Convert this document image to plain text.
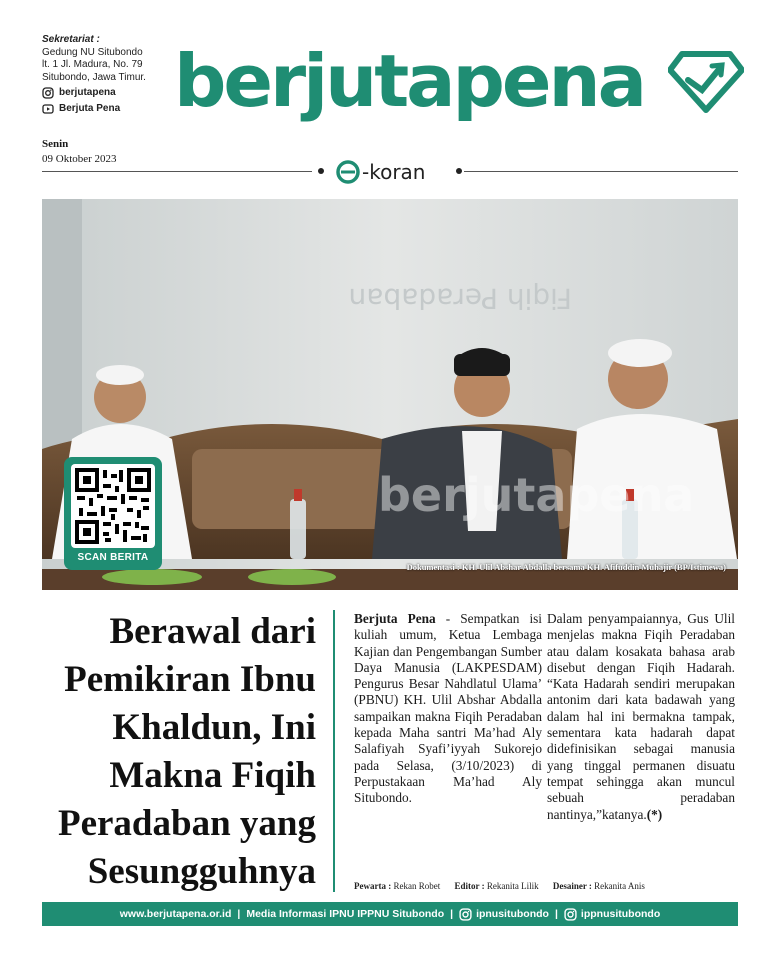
Sekretariat :
Gedung NU Situbondo
lt. 1 Jl. Madura, No. 79
Situbondo, Jawa Timur.
berjutapena
Berjuta Pena berjutapena
Senin
09 Oktober 2023
-koran
Fiqih Peradaban
berjutapena
SCAN BERITA
Dokumentasi : KH. Ulil Abshar Abdalla bersama KH. Afifuddin Muhajir (BP/Istimewa)
Berawal dari Pemikiran Ibnu Khaldun, Ini Makna Fiqih Peradaban yang Sesungguhnya
Berjuta Pena - Sempatkan isi kuliah umum, Ketua Lembaga Kajian dan Pengembangan Sumber Daya Manusia (LAKPESDAM) Pengurus Besar Nahdlatul Ulama’ (PBNU) KH. Ulil Abshar Abdalla sampaikan makna Fiqih Peradaban kepada Maha santri Ma’had Aly Salafiyah Syafi’iyyah Sukorejo pada Selasa, (3/10/2023) di Perpustakaan Ma’had Aly Situbondo.
Dalam penyampaiannya, Gus Ulil menjelas makna Fiqih Peradaban atau dalam kosakata bahasa arab disebut dengan Fiqih Hadarah. “Kata Hadarah sendiri merupakan antonim dari kata badawah yang dalam hal ini bermakna tampak, sementara kata hadarah dapat didefinisikan sebagai manusia yang tinggal permanen disuatu tempat sehingga akan muncul sebuah peradaban nantinya,”katanya.(*)
Pewarta : Rekan Robet Editor : Rekanita Lilik Desainer : Rekanita Anis
www.berjutapena.or.id | Media Informasi IPNU IPPNU Situbondo | ipnusitubondo | ippnusitubondo
